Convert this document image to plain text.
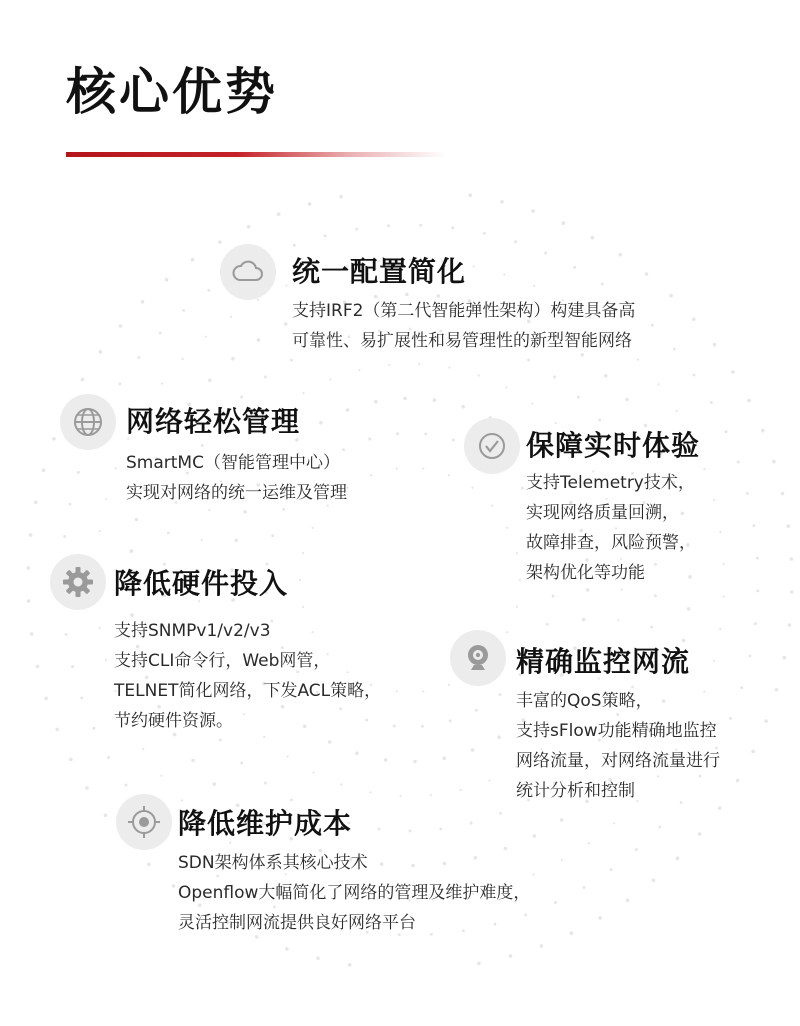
核心优势
统一配置简化
支持IRF2（第二代智能弹性架构）构建具备高
可靠性、易扩展性和易管理性的新型智能网络
网络轻松管理
SmartMC（智能管理中心）
实现对网络的统一运维及管理
保障实时体验
支持Telemetry技术，
实现网络质量回溯，
故障排查，风险预警，
架构优化等功能
降低硬件投入
支持SNMPv1/v2/v3
支持CLI命令行，Web网管，
TELNET简化网络，下发ACL策略，
节约硬件资源。
精确监控网流
丰富的QoS策略，
支持sFlow功能精确地监控
网络流量，对网络流量进行
统计分析和控制
降低维护成本
SDN架构体系其核心技术
Openflow大幅简化了网络的管理及维护难度，
灵活控制网流提供良好网络平台
